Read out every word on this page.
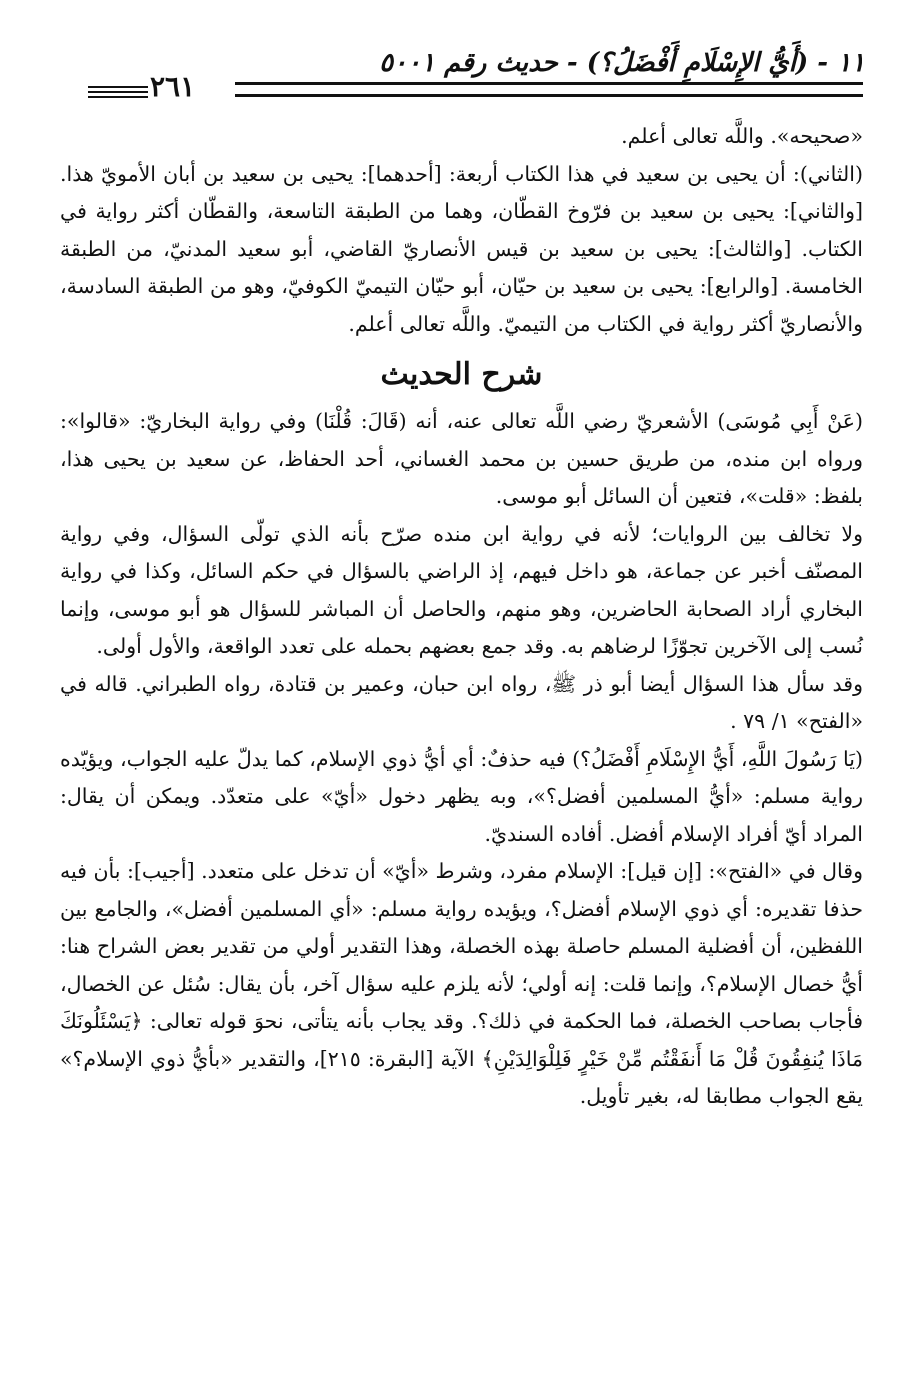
١١ - (أَيُّ الإِسْلَامِ أَفْضَلُ؟) - حديث رقم ٥٠٠١
٢٦١

«صحيحه». واللَّه تعالى أعلم.

(الثاني): أن يحيى بن سعيد في هذا الكتاب أربعة: [أحدهما]: يحيى بن سعيد بن أبان الأمويّ هذا. [والثاني]: يحيى بن سعيد بن فرّوخ القطّان، وهما من الطبقة التاسعة، والقطّان أكثر رواية في الكتاب. [والثالث]: يحيى بن سعيد بن قيس الأنصاريّ القاضي، أبو سعيد المدنيّ، من الطبقة الخامسة. [والرابع]: يحيى بن سعيد بن حيّان، أبو حيّان التيميّ الكوفيّ، وهو من الطبقة السادسة، والأنصاريّ أكثر رواية في الكتاب من التيميّ. واللَّه تعالى أعلم.

شرح الحديث

(عَنْ أَبِي مُوسَى) الأشعريّ رضي اللَّه تعالى عنه، أنه (قَالَ: قُلْنَا) وفي رواية البخاريّ: «قالوا»: ورواه ابن منده، من طريق حسين بن محمد الغساني، أحد الحفاظ، عن سعيد بن يحيى هذا، بلفظ: «قلت»، فتعين أن السائل أبو موسى.

ولا تخالف بين الروايات؛ لأنه في رواية ابن منده صرّح بأنه الذي تولّى السؤال، وفي رواية المصنّف أخبر عن جماعة، هو داخل فيهم، إذ الراضي بالسؤال في حكم السائل، وكذا في رواية البخاري أراد الصحابة الحاضرين، وهو منهم، والحاصل أن المباشر للسؤال هو أبو موسى، وإنما نُسب إلى الآخرين تجوّزًا لرضاهم به. وقد جمع بعضهم بحمله على تعدد الواقعة، والأول أولى.

وقد سأل هذا السؤال أيضا أبو ذر ﷺ، رواه ابن حبان، وعمير بن قتادة، رواه الطبراني. قاله في «الفتح» ١/ ٧٩ .

(يَا رَسُولَ اللَّهِ، أَيُّ الإِسْلَامِ أَفْضَلُ؟) فيه حذفٌ: أي أيُّ ذوي الإسلام، كما يدلّ عليه الجواب، ويؤيّده رواية مسلم: «أيُّ المسلمين أفضل؟»، وبه يظهر دخول «أيّ» على متعدّد. ويمكن أن يقال: المراد أيّ أفراد الإسلام أفضل. أفاده السنديّ.

وقال في «الفتح»: [إن قيل]: الإسلام مفرد، وشرط «أيّ» أن تدخل على متعدد. [أجيب]: بأن فيه حذفا تقديره: أي ذوي الإسلام أفضل؟، ويؤيده رواية مسلم: «أي المسلمين أفضل»، والجامع بين اللفظين، أن أفضلية المسلم حاصلة بهذه الخصلة، وهذا التقدير أولي من تقدير بعض الشراح هنا: أيُّ خصال الإسلام؟، وإنما قلت: إنه أولي؛ لأنه يلزم عليه سؤال آخر، بأن يقال: سُئل عن الخصال، فأجاب بصاحب الخصلة، فما الحكمة في ذلك؟. وقد يجاب بأنه يتأتى، نحوَ قوله تعالى: ﴿يَسْئَلُونَكَ مَاذَا يُنفِقُونَ قُلْ مَا أَنفَقْتُم مِّنْ خَيْرٍ فَلِلْوَالِدَيْنِ﴾ الآية [البقرة: ٢١٥]، والتقدير «بأيُّ ذوي الإسلام؟» يقع الجواب مطابقا له، بغير تأويل.
